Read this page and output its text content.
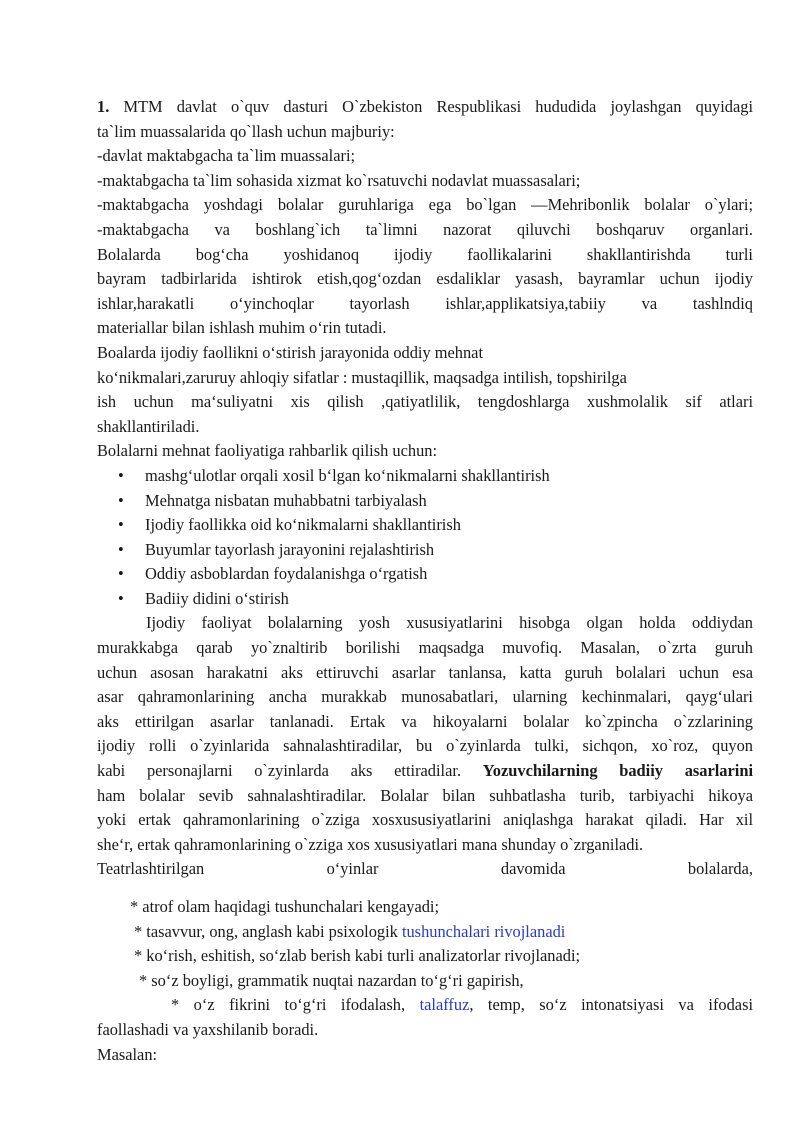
1. MTM davlat o`quv dasturi O`zbekiston Respublikasi hududida joylashgan quyidagi
ta`lim muassalarida qo`llash uchun majburiy:
-davlat maktabgacha ta`lim muassalari;
-maktabgacha ta`lim sohasida xizmat ko`rsatuvchi nodavlat muassasalari;
-maktabgacha yoshdagi bolalar guruhlariga ega bo`lgan —Mehribonlik bolalar o`ylari;
-maktabgacha va boshlang`ich ta`limni nazorat qiluvchi boshqaruv organlari.
Bolalarda bog‘cha yoshidanoq ijodiy faollikalarini shakllantirishda turli
bayram tadbirlarida ishtirok etish,qog‘ozdan esdaliklar yasash, bayramlar uchun ijodiy
ishlar,harakatli o‘yinchoqlar tayorlash ishlar,applikatsiya,tabiiy va tashlndiq
materiallar bilan ishlash muhim o‘rin tutadi.
Boalarda ijodiy faollikni o‘stirish jarayonida oddiy mehnat
ko‘nikmalari,zaruruy ahloqiy sifatlar : mustaqillik, maqsadga intilish, topshirilga
ish uchun ma‘suliyatni xis qilish ,qatiyatlilik, tengdoshlarga xushmolalik sif atlari
shakllantiriladi.
Bolalarni mehnat faoliyatiga rahbarlik qilish uchun:
•	mashg‘ulotlar orqali xosil b‘lgan ko‘nikmalarni shakllantirish
•	Mehnatga nisbatan muhabbatni tarbiyalash
•	Ijodiy faollikka oid ko‘nikmalarni shakllantirish
•	Buyumlar tayorlash jarayonini rejalashtirish
•	Oddiy asboblardan foydalanishga o‘rgatish
•	Badiiy didini o‘stirish
Ijodiy faoliyat bolalarning yosh xususiyatlarini hisobga olgan holda oddiydan
murakkabga qarab yo`znaltirib borilishi maqsadga muvofiq. Masalan, o`zrta guruh
uchun asosan harakatni aks ettiruvchi asarlar tanlansa, katta guruh bolalari uchun esa
asar qahramonlarining ancha murakkab munosabatlari, ularning kechinmalari, qayg‘ulari
aks ettirilgan asarlar tanlanadi. Ertak va hikoyalarni bolalar ko`zpincha o`zzlarining
ijodiy rolli o`zyinlarida sahnalashtiradilar, bu o`zyinlarda tulki, sichqon, xo`roz, quyon
kabi personajlarni o`zyinlarda aks ettiradilar. Yozuvchilarning badiiy asarlarini
ham bolalar sevib sahnalashtiradilar. Bolalar bilan suhbatlasha turib, tarbiyachi hikoya
yoki ertak qahramonlarining o`zziga xosxususiyatlarini aniqlashga harakat qiladi. Har xil
she‘r, ertak qahramonlarining o`zziga xos xususiyatlari mana shunday o`zrganiladi.
Teatrlashtirilgan o‘yinlar davomida bolalarda,
* atrof olam haqidagi tushunchalari kengayadi;
* tasavvur, ong, anglash kabi psixologik tushunchalari rivojlanadi
* ko‘rish, eshitish, so‘zlab berish kabi turli analizatorlar rivojlanadi;
* so‘z boyligi, grammatik nuqtai nazardan to‘g‘ri gapirish,
* o‘z fikrini to‘g‘ri ifodalash, talaffuz, temp, so‘z intonatsiyasi va ifodasi
faollashadi va yaxshilanib boradi.
Masalan:
